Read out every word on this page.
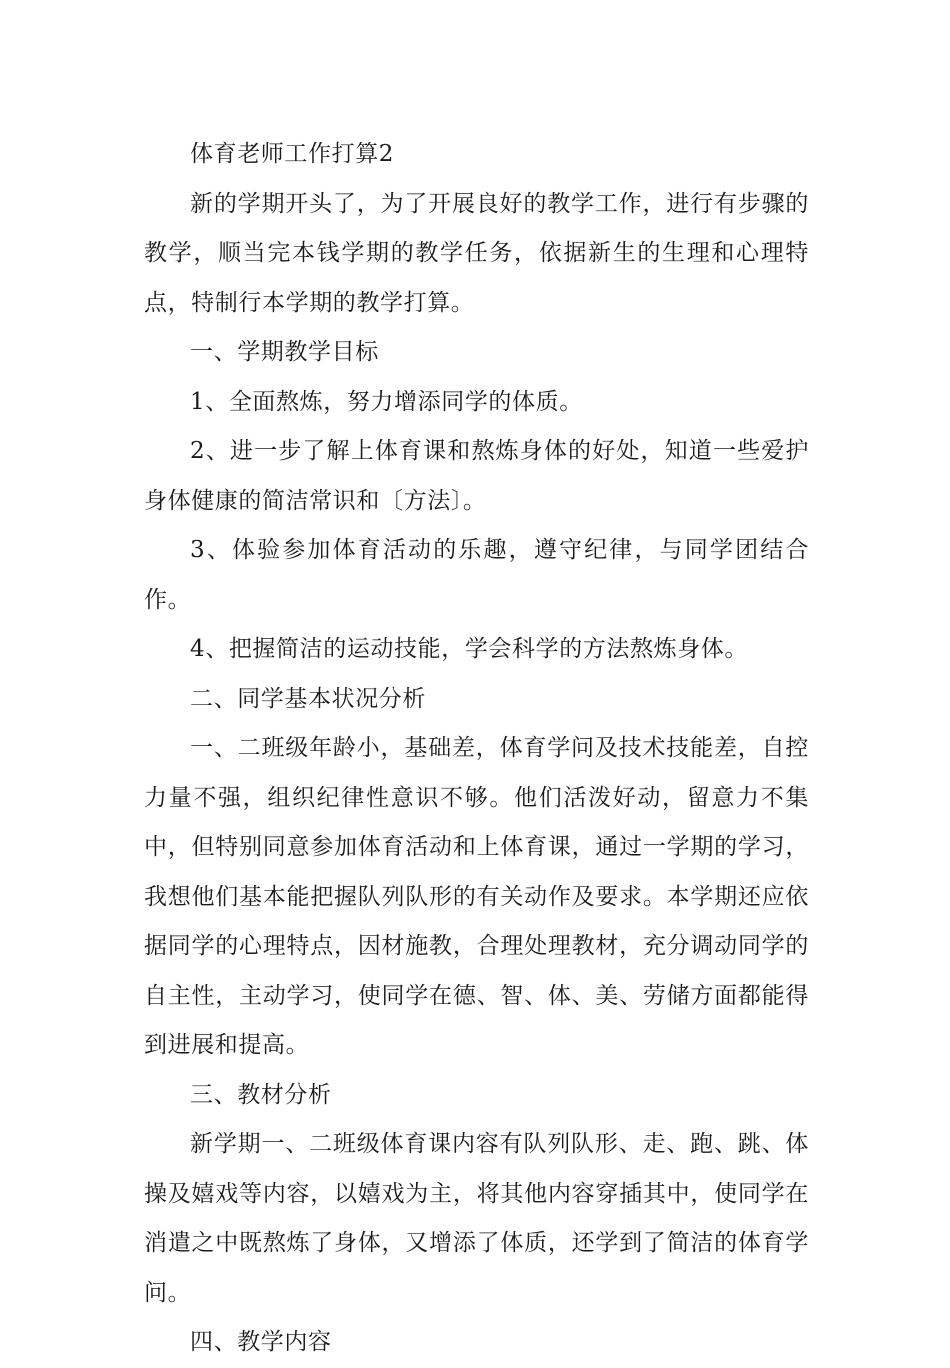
体育老师工作打算2

新的学期开头了，为了开展良好的教学工作，进行有步骤的教学，顺当完本钱学期的教学任务，依据新生的生理和心理特点，特制行本学期的教学打算。

一、学期教学目标

1、全面熬炼，努力增添同学的体质。

2、进一步了解上体育课和熬炼身体的好处，知道一些爱护身体健康的简洁常识和〔方法〕。

3、体验参加体育活动的乐趣，遵守纪律，与同学团结合作。

4、把握简洁的运动技能，学会科学的方法熬炼身体。

二、同学基本状况分析

一、二班级年龄小，基础差，体育学问及技术技能差，自控力量不强，组织纪律性意识不够。他们活泼好动，留意力不集中，但特别同意参加体育活动和上体育课，通过一学期的学习，我想他们基本能把握队列队形的有关动作及要求。本学期还应依据同学的心理特点，因材施教，合理处理教材，充分调动同学的自主性，主动学习，使同学在德、智、体、美、劳储方面都能得到进展和提高。

三、教材分析

新学期一、二班级体育课内容有队列队形、走、跑、跳、体操及嬉戏等内容，以嬉戏为主，将其他内容穿插其中，使同学在消遣之中既熬炼了身体，又增添了体质，还学到了简洁的体育学问。

四、教学内容
